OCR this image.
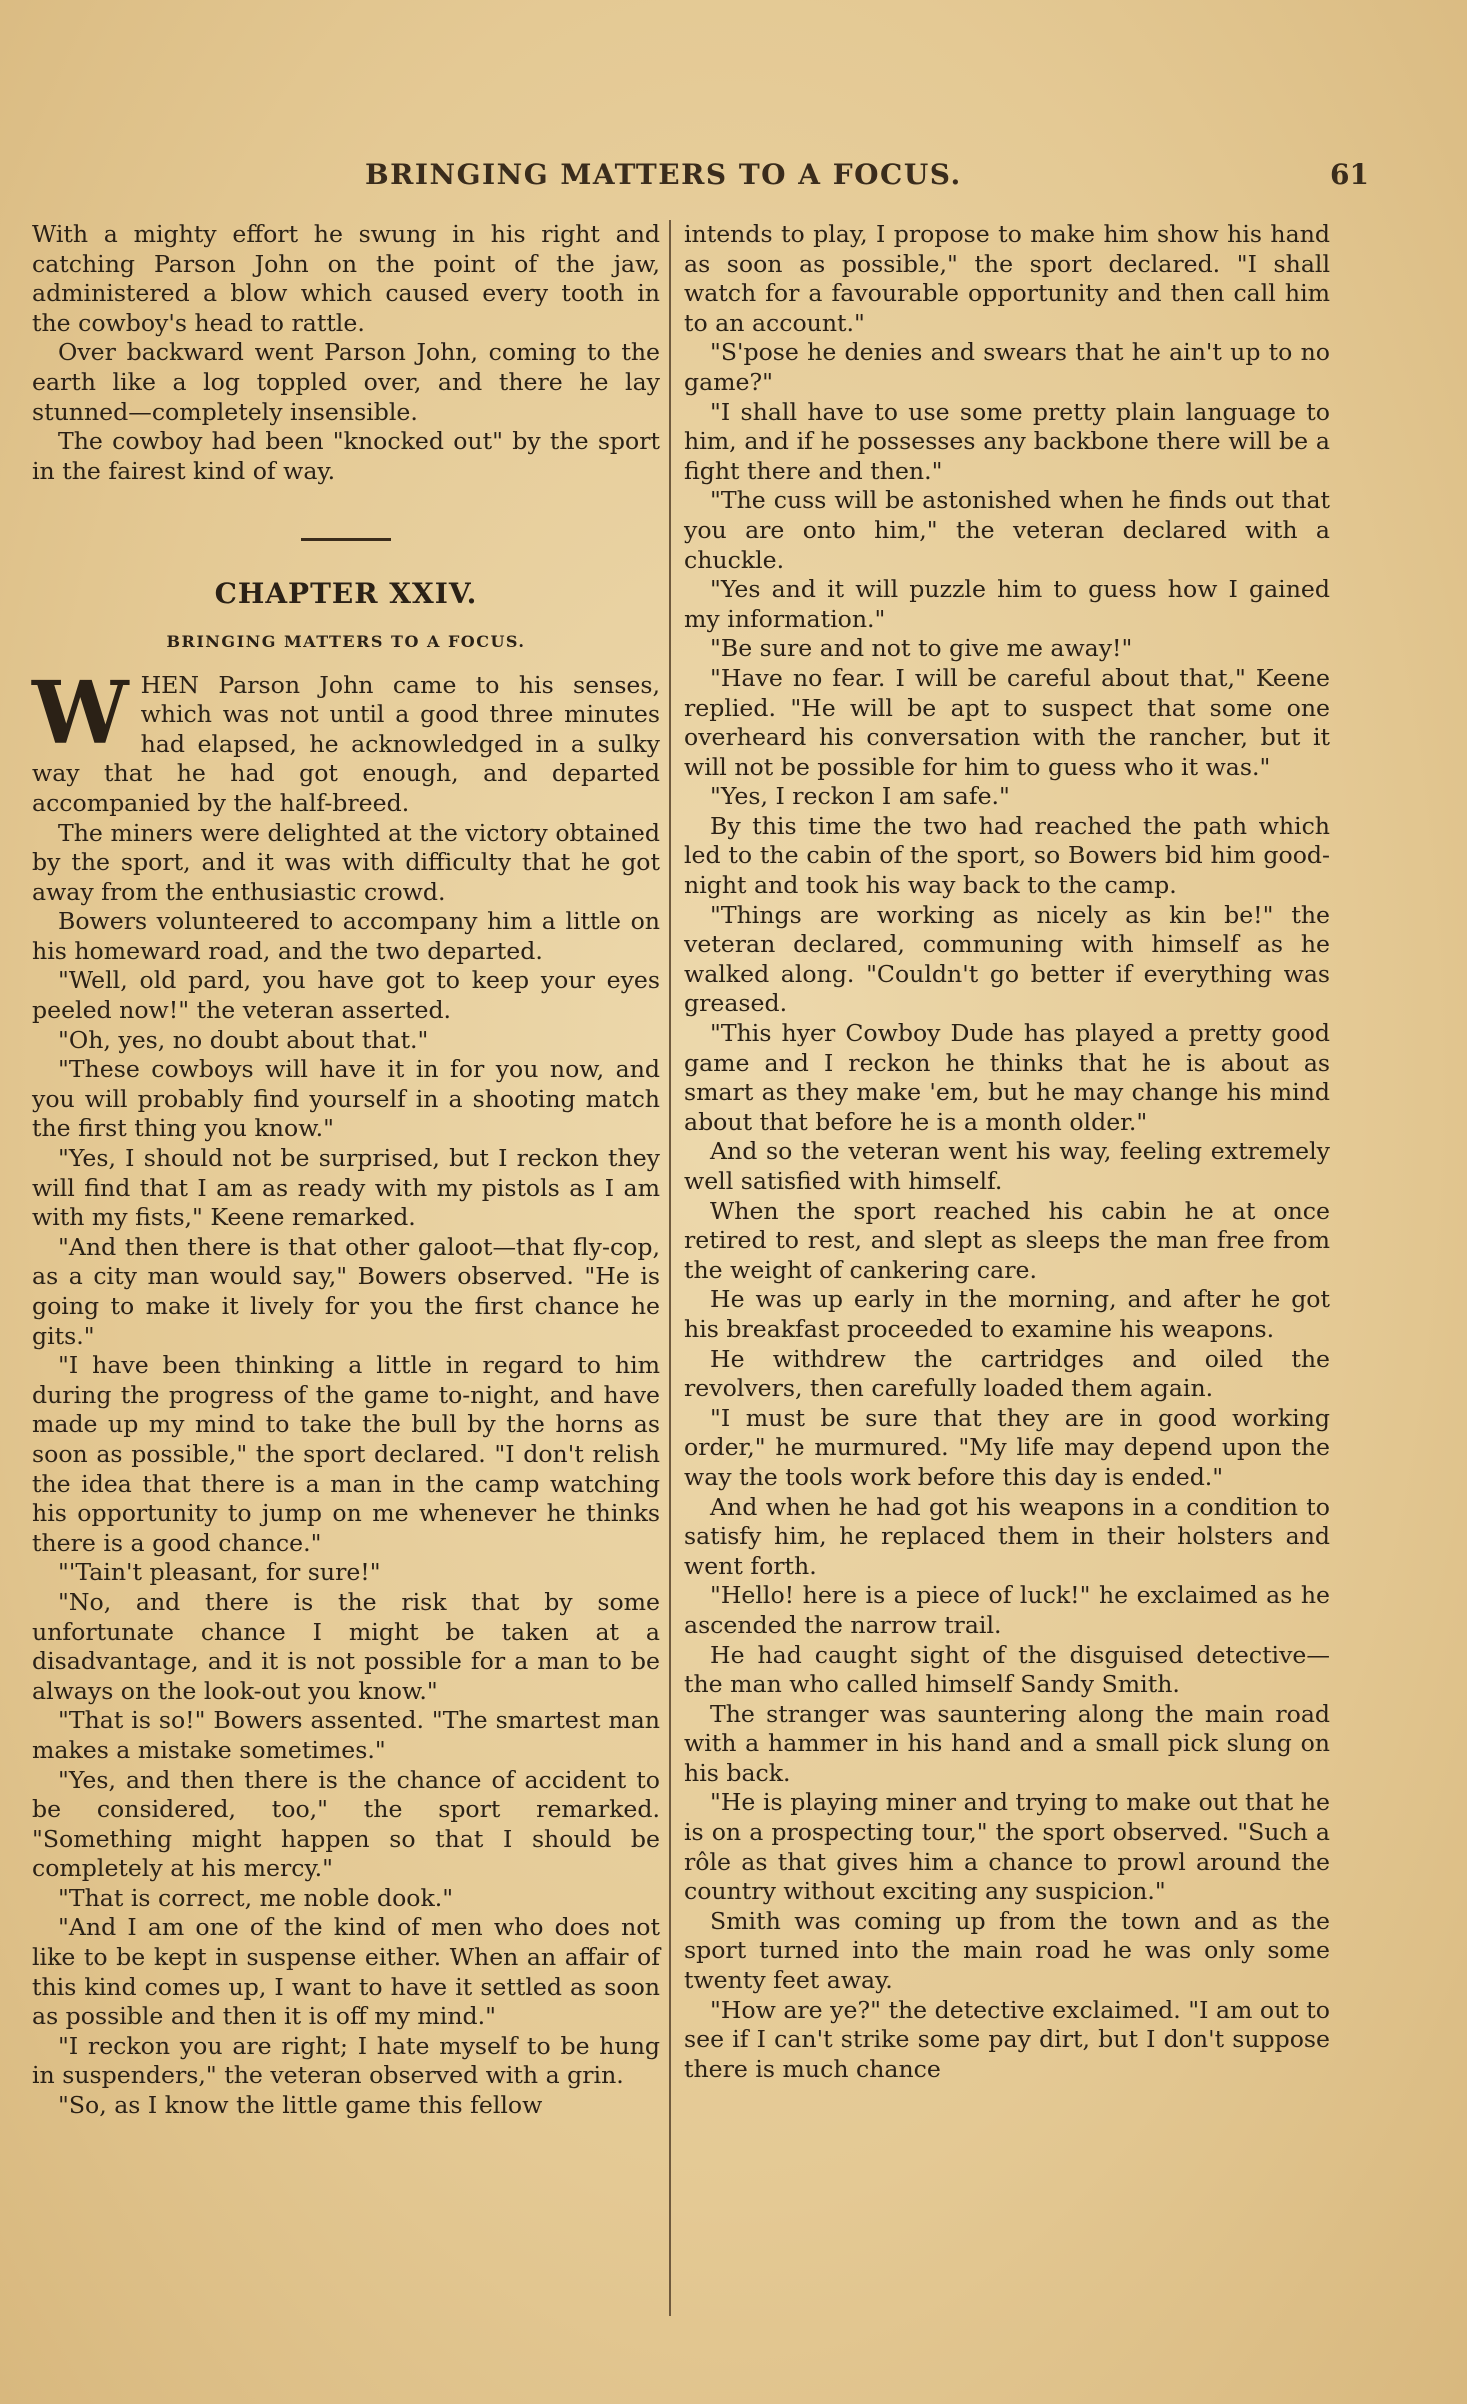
BRINGING MATTERS TO A FOCUS.	61

With a mighty effort he swung in his right and catching Parson John on the point of the jaw, administered a blow which caused every tooth in the cowboy's head to rattle.

Over backward went Parson John, coming to the earth like a log toppled over, and there he lay stunned—completely insensible.

The cowboy had been "knocked out" by the sport in the fairest kind of way.

CHAPTER XXIV.
BRINGING MATTERS TO A FOCUS.

WHEN Parson John came to his senses, which was not until a good three minutes had elapsed, he acknowledged in a sulky way that he had got enough, and departed accompanied by the half-breed.

The miners were delighted at the victory obtained by the sport, and it was with difficulty that he got away from the enthusiastic crowd.

Bowers volunteered to accompany him a little on his homeward road, and the two departed.

"Well, old pard, you have got to keep your eyes peeled now!" the veteran asserted.

"Oh, yes, no doubt about that."

"These cowboys will have it in for you now, and you will probably find yourself in a shooting match the first thing you know."

"Yes, I should not be surprised, but I reckon they will find that I am as ready with my pistols as I am with my fists," Keene remarked.

"And then there is that other galoot—that fly-cop, as a city man would say," Bowers observed. "He is going to make it lively for you the first chance he gits."

"I have been thinking a little in regard to him during the progress of the game to-night, and have made up my mind to take the bull by the horns as soon as possible," the sport declared. "I don't relish the idea that there is a man in the camp watching his opportunity to jump on me whenever he thinks there is a good chance."

"'Tain't pleasant, for sure!"

"No, and there is the risk that by some unfortunate chance I might be taken at a disadvantage, and it is not possible for a man to be always on the look-out you know."

"That is so!" Bowers assented. "The smartest man makes a mistake sometimes."

"Yes, and then there is the chance of accident to be considered, too," the sport remarked. "Something might happen so that I should be completely at his mercy."

"That is correct, me noble dook."

"And I am one of the kind of men who does not like to be kept in suspense either. When an affair of this kind comes up, I want to have it settled as soon as possible and then it is off my mind."

"I reckon you are right; I hate myself to be hung in suspenders," the veteran observed with a grin.

"So, as I know the little game this fellow

intends to play, I propose to make him show his hand as soon as possible," the sport declared. "I shall watch for a favourable opportunity and then call him to an account."

"S'pose he denies and swears that he ain't up to no game?"

"I shall have to use some pretty plain language to him, and if he possesses any backbone there will be a fight there and then."

"The cuss will be astonished when he finds out that you are onto him," the veteran declared with a chuckle.

"Yes and it will puzzle him to guess how I gained my information."

"Be sure and not to give me away!"

"Have no fear. I will be careful about that," Keene replied. "He will be apt to suspect that some one overheard his conversation with the rancher, but it will not be possible for him to guess who it was."

"Yes, I reckon I am safe."

By this time the two had reached the path which led to the cabin of the sport, so Bowers bid him good-night and took his way back to the camp.

"Things are working as nicely as kin be!" the veteran declared, communing with himself as he walked along. "Couldn't go better if everything was greased.

"This hyer Cowboy Dude has played a pretty good game and I reckon he thinks that he is about as smart as they make 'em, but he may change his mind about that before he is a month older."

And so the veteran went his way, feeling extremely well satisfied with himself.

When the sport reached his cabin he at once retired to rest, and slept as sleeps the man free from the weight of cankering care.

He was up early in the morning, and after he got his breakfast proceeded to examine his weapons.

He withdrew the cartridges and oiled the revolvers, then carefully loaded them again.

"I must be sure that they are in good working order," he murmured. "My life may depend upon the way the tools work before this day is ended."

And when he had got his weapons in a condition to satisfy him, he replaced them in their holsters and went forth.

"Hello! here is a piece of luck!" he exclaimed as he ascended the narrow trail.

He had caught sight of the disguised detective—the man who called himself Sandy Smith.

The stranger was sauntering along the main road with a hammer in his hand and a small pick slung on his back.

"He is playing miner and trying to make out that he is on a prospecting tour," the sport observed. "Such a rôle as that gives him a chance to prowl around the country without exciting any suspicion."

Smith was coming up from the town and as the sport turned into the main road he was only some twenty feet away.

"How are ye?" the detective exclaimed. "I am out to see if I can't strike some pay dirt, but I don't suppose there is much chance
